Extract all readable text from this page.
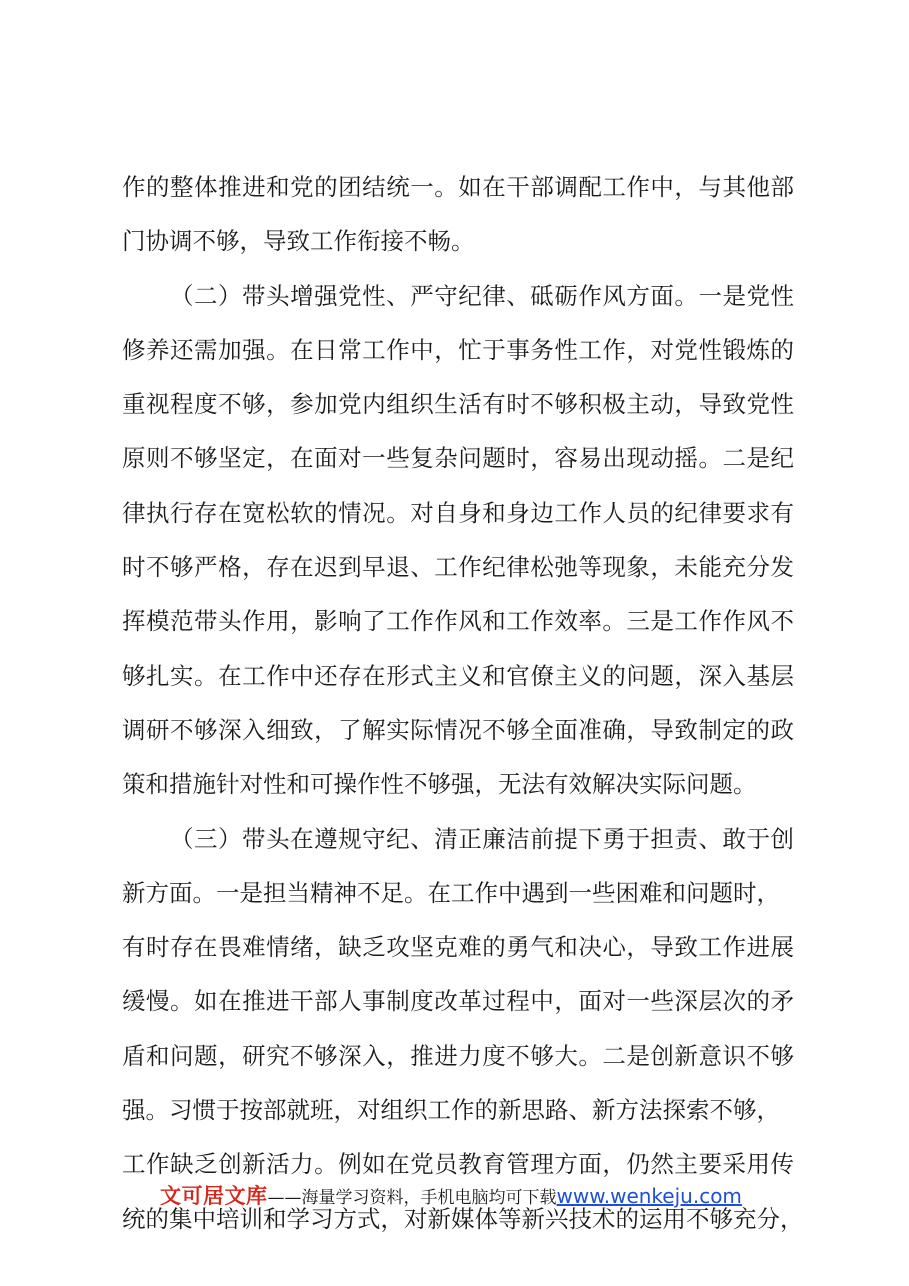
作的整体推进和党的团结统一。如在干部调配工作中，与其他部
门协调不够，导致工作衔接不畅。
（二）带头增强党性、严守纪律、砥砺作风方面。一是党性
修养还需加强。在日常工作中，忙于事务性工作，对党性锻炼的
重视程度不够，参加党内组织生活有时不够积极主动，导致党性
原则不够坚定，在面对一些复杂问题时，容易出现动摇。二是纪
律执行存在宽松软的情况。对自身和身边工作人员的纪律要求有
时不够严格，存在迟到早退、工作纪律松弛等现象，未能充分发
挥模范带头作用，影响了工作作风和工作效率。三是工作作风不
够扎实。在工作中还存在形式主义和官僚主义的问题，深入基层
调研不够深入细致，了解实际情况不够全面准确，导致制定的政
策和措施针对性和可操作性不够强，无法有效解决实际问题。
（三）带头在遵规守纪、清正廉洁前提下勇于担责、敢于创
新方面。一是担当精神不足。在工作中遇到一些困难和问题时，
有时存在畏难情绪，缺乏攻坚克难的勇气和决心，导致工作进展
缓慢。如在推进干部人事制度改革过程中，面对一些深层次的矛
盾和问题，研究不够深入，推进力度不够大。二是创新意识不够
强。习惯于按部就班，对组织工作的新思路、新方法探索不够，
工作缺乏创新活力。例如在党员教育管理方面，仍然主要采用传
统的集中培训和学习方式，对新媒体等新兴技术的运用不够充分，
文可居文库——海量学习资料，手机电脑均可下载www.wenkeju.com
